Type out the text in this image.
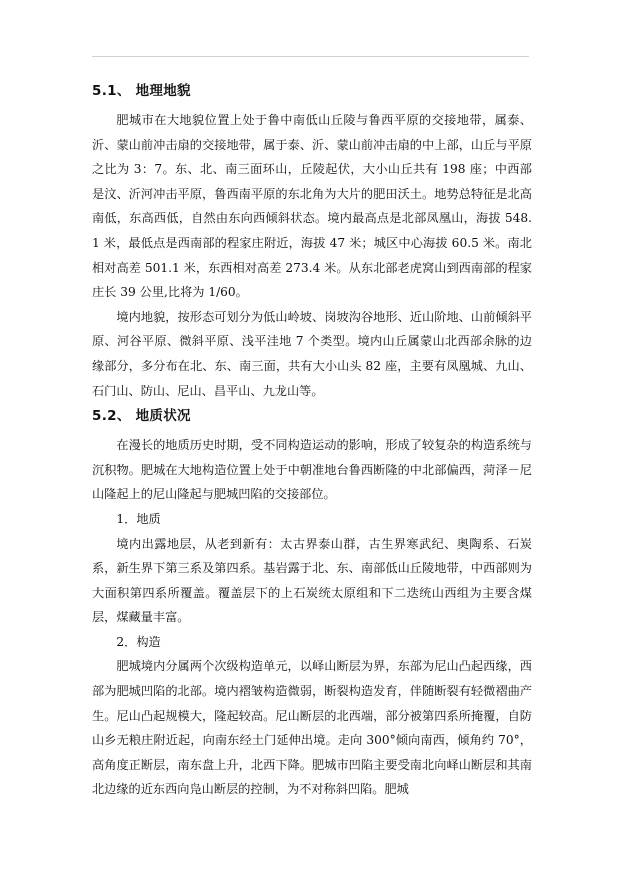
5.1、 地理地貌

肥城市在大地貌位置上处于鲁中南低山丘陵与鲁西平原的交接地带，属泰、沂、蒙山前冲击扇的交接地带，属于泰、沂、蒙山前冲击扇的中上部，山丘与平原之比为 3：7。东、北、南三面环山，丘陵起伏，大小山丘共有 198 座；中西部是汶、沂河冲击平原，鲁西南平原的东北角为大片的肥田沃土。地势总特征是北高南低，东高西低，自然由东向西倾斜状态。境内最高点是北部凤凰山，海拔 548.1 米，最低点是西南部的程家庄附近，海拔 47 米；城区中心海拔 60.5 米。南北相对高差 501.1 米，东西相对高差 273.4 米。从东北部老虎窝山到西南部的程家庄长 39 公里,比将为 1/60。

境内地貌，按形态可划分为低山岭坡、岗坡沟谷地形、近山阶地、山前倾斜平原、河谷平原、微斜平原、浅平洼地 7 个类型。境内山丘属蒙山北西部余脉的边缘部分，多分布在北、东、南三面，共有大小山头 82 座，主要有凤凰城、九山、石门山、防山、尼山、昌平山、九龙山等。

5.2、 地质状况

在漫长的地质历史时期，受不同构造运动的影响，形成了较复杂的构造系统与沉积物。肥城在大地构造位置上处于中朝准地台鲁西断隆的中北部偏西，菏泽－尼山隆起上的尼山隆起与肥城凹陷的交接部位。

1．地质

境内出露地层，从老到新有：太古界泰山群，古生界寒武纪、奥陶系、石炭系，新生界下第三系及第四系。基岩露于北、东、南部低山丘陵地带，中西部则为大面积第四系所覆盖。覆盖层下的上石炭统太原组和下二迭统山西组为主要含煤层，煤藏量丰富。

2．构造

肥城境内分属两个次级构造单元，以峄山断层为界，东部为尼山凸起西缘，西部为肥城凹陷的北部。境内褶皱构造微弱，断裂构造发育，伴随断裂有轻微褶曲产生。尼山凸起规模大，隆起较高。尼山断层的北西端，部分被第四系所掩覆，自防山乡无粮庄附近起，向南东经土门延伸出境。走向 300°倾向南西，倾角约 70°，高角度正断层，南东盘上升，北西下降。肥城市凹陷主要受南北向峄山断层和其南北边缘的近东西向凫山断层的控制，为不对称斜凹陷。肥城
